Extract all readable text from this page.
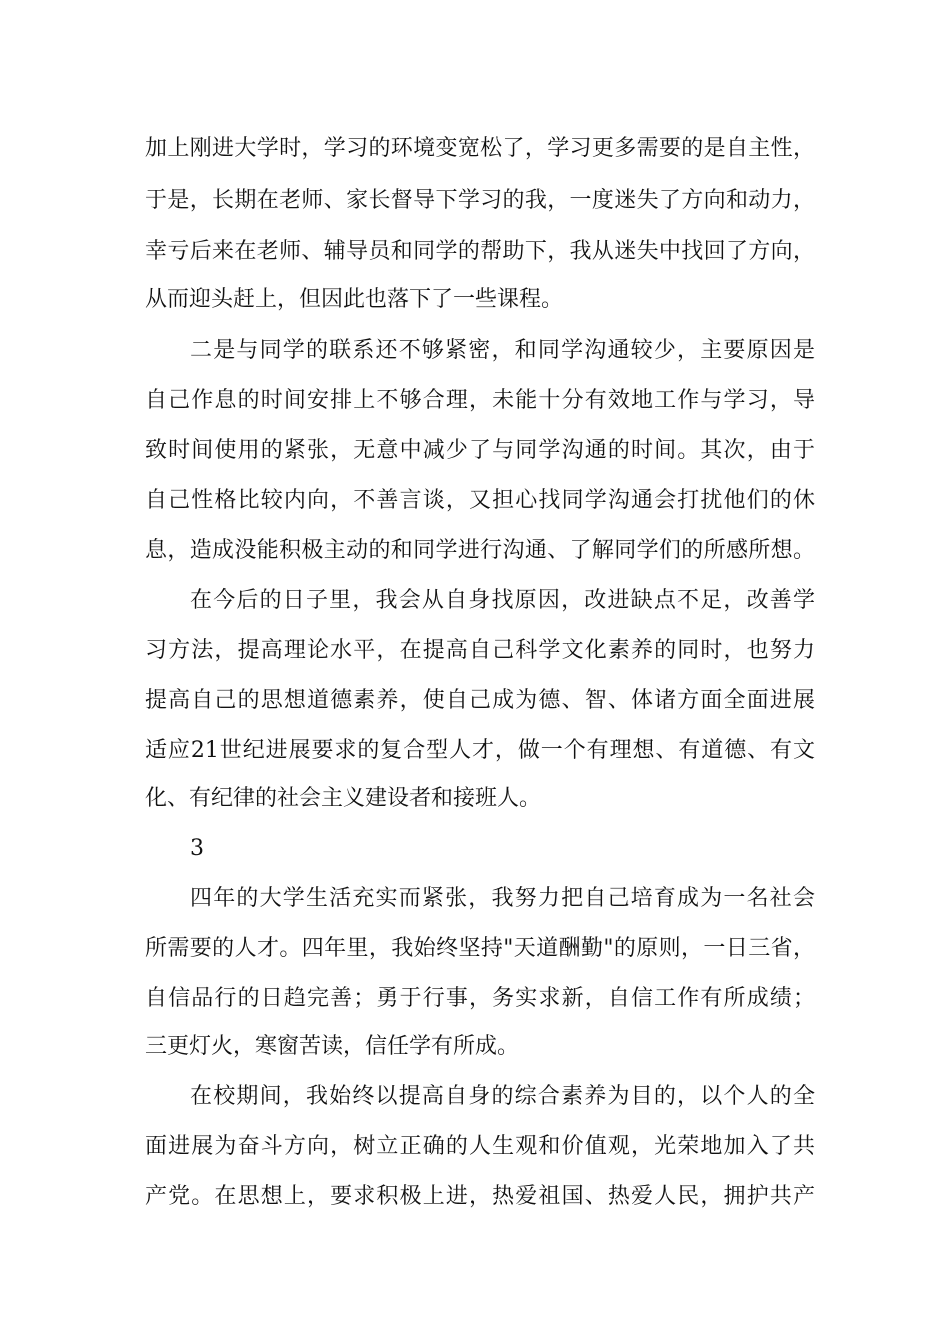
加上刚进大学时，学习的环境变宽松了，学习更多需要的是自主性，
于是，长期在老师、家长督导下学习的我，一度迷失了方向和动力，
幸亏后来在老师、辅导员和同学的帮助下，我从迷失中找回了方向，
从而迎头赶上，但因此也落下了一些课程。
二是与同学的联系还不够紧密，和同学沟通较少，主要原因是
自己作息的时间安排上不够合理，未能十分有效地工作与学习，导
致时间使用的紧张，无意中减少了与同学沟通的时间。其次，由于
自己性格比较内向，不善言谈，又担心找同学沟通会打扰他们的休
息，造成没能积极主动的和同学进行沟通、了解同学们的所感所想。
在今后的日子里，我会从自身找原因，改进缺点不足，改善学
习方法，提高理论水平，在提高自己科学文化素养的同时，也努力
提高自己的思想道德素养，使自己成为德、智、体诸方面全面进展
适应21世纪进展要求的复合型人才，做一个有理想、有道德、有文
化、有纪律的社会主义建设者和接班人。
3
四年的大学生活充实而紧张，我努力把自己培育成为一名社会
所需要的人才。四年里，我始终坚持"天道酬勤"的原则，一日三省，
自信品行的日趋完善；勇于行事，务实求新，自信工作有所成绩；
三更灯火，寒窗苦读，信任学有所成。
在校期间，我始终以提高自身的综合素养为目的，以个人的全
面进展为奋斗方向，树立正确的人生观和价值观，光荣地加入了共
产党。在思想上，要求积极上进，热爱祖国、热爱人民，拥护共产
